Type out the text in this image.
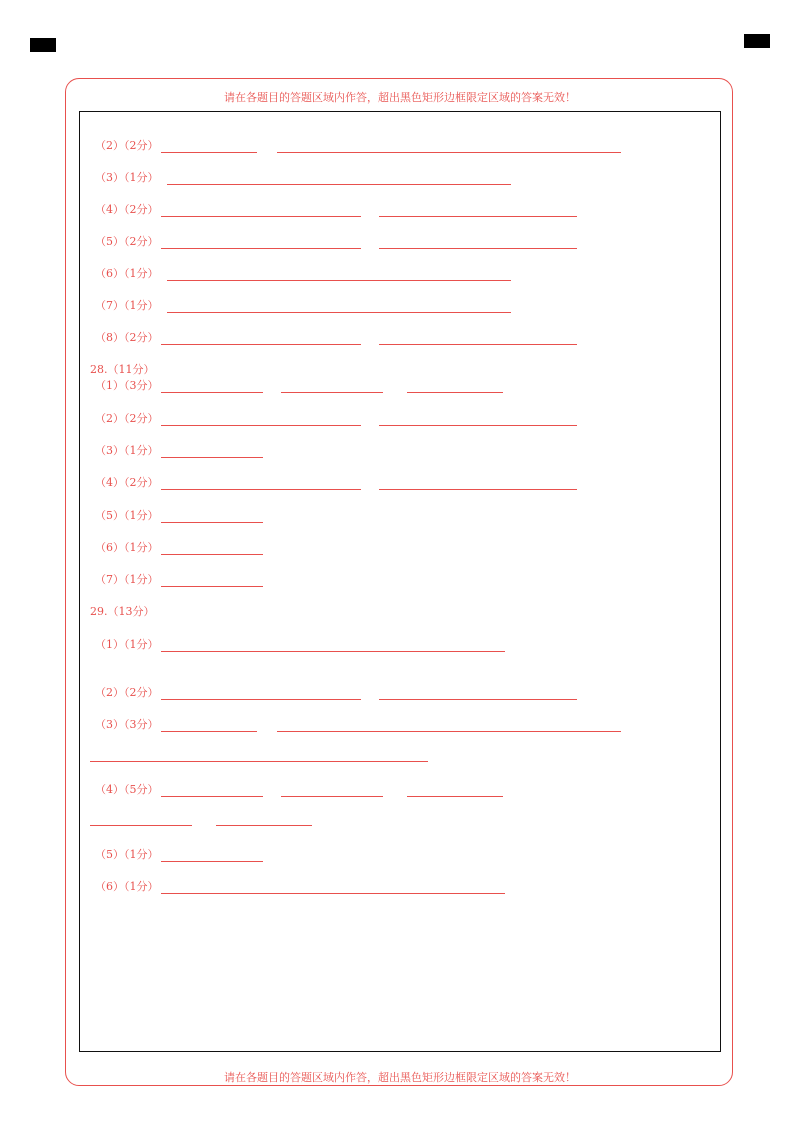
请在各题目的答题区域内作答，超出黑色矩形边框限定区域的答案无效！
（2）（2分）
（3）（1分）
（4）（2分）
（5）（2分）
（6）（1分）
（7）（1分）
（8）（2分）
28.（11分）
（1）（3分）
（2）（2分）
（3）（1分）
（4）（2分）
（5）（1分）
（6）（1分）
（7）（1分）
29.（13分）
（1）（1分）
（2）（2分）
（3）（3分）
（4）（5分）
（5）（1分）
（6）（1分）
请在各题目的答题区域内作答，超出黑色矩形边框限定区域的答案无效！
